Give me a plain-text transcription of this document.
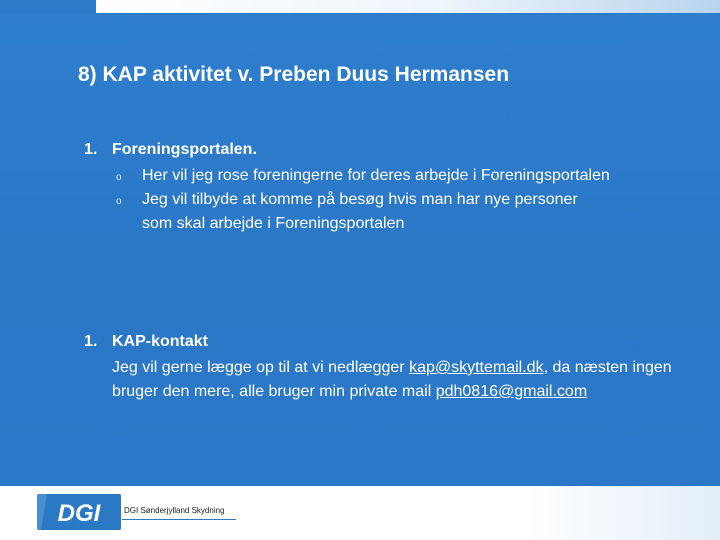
8) KAP aktivitet v. Preben Duus Hermansen
1. Foreningsportalen.
o Her vil jeg rose foreningerne for deres arbejde i Foreningsportalen
o Jeg vil tilbyde at komme på besøg hvis man har nye personer som skal arbejde i Foreningsportalen
1. KAP-kontakt

Jeg vil gerne lægge op til at vi nedlægger kap@skyttemail.dk, da næsten ingen bruger den mere, alle bruger min private mail pdh0816@gmail.com

DGI	DGI Sønderjylland Skydning
